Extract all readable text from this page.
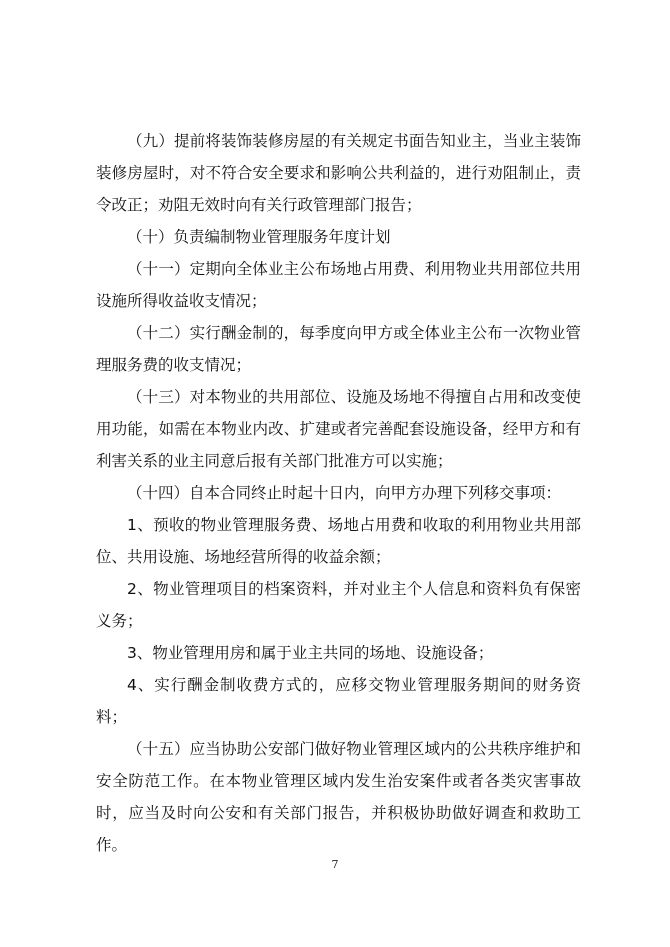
（九）提前将装饰装修房屋的有关规定书面告知业主，当业主装饰装修房屋时，对不符合安全要求和影响公共利益的，进行劝阻制止，责令改正；劝阻无效时向有关行政管理部门报告；

（十）负责编制物业管理服务年度计划

（十一）定期向全体业主公布场地占用费、利用物业共用部位共用设施所得收益收支情况；

（十二）实行酬金制的，每季度向甲方或全体业主公布一次物业管理服务费的收支情况；

（十三）对本物业的共用部位、设施及场地不得擅自占用和改变使用功能，如需在本物业内改、扩建或者完善配套设施设备，经甲方和有利害关系的业主同意后报有关部门批准方可以实施；

（十四）自本合同终止时起十日内，向甲方办理下列移交事项：

1、预收的物业管理服务费、场地占用费和收取的利用物业共用部位、共用设施、场地经营所得的收益余额；

2、物业管理项目的档案资料，并对业主个人信息和资料负有保密义务；

3、物业管理用房和属于业主共同的场地、设施设备；

4、实行酬金制收费方式的，应移交物业管理服务期间的财务资料；

（十五）应当协助公安部门做好物业管理区域内的公共秩序维护和安全防范工作。在本物业管理区域内发生治安案件或者各类灾害事故时，应当及时向公安和有关部门报告，并积极协助做好调查和救助工作。

7
